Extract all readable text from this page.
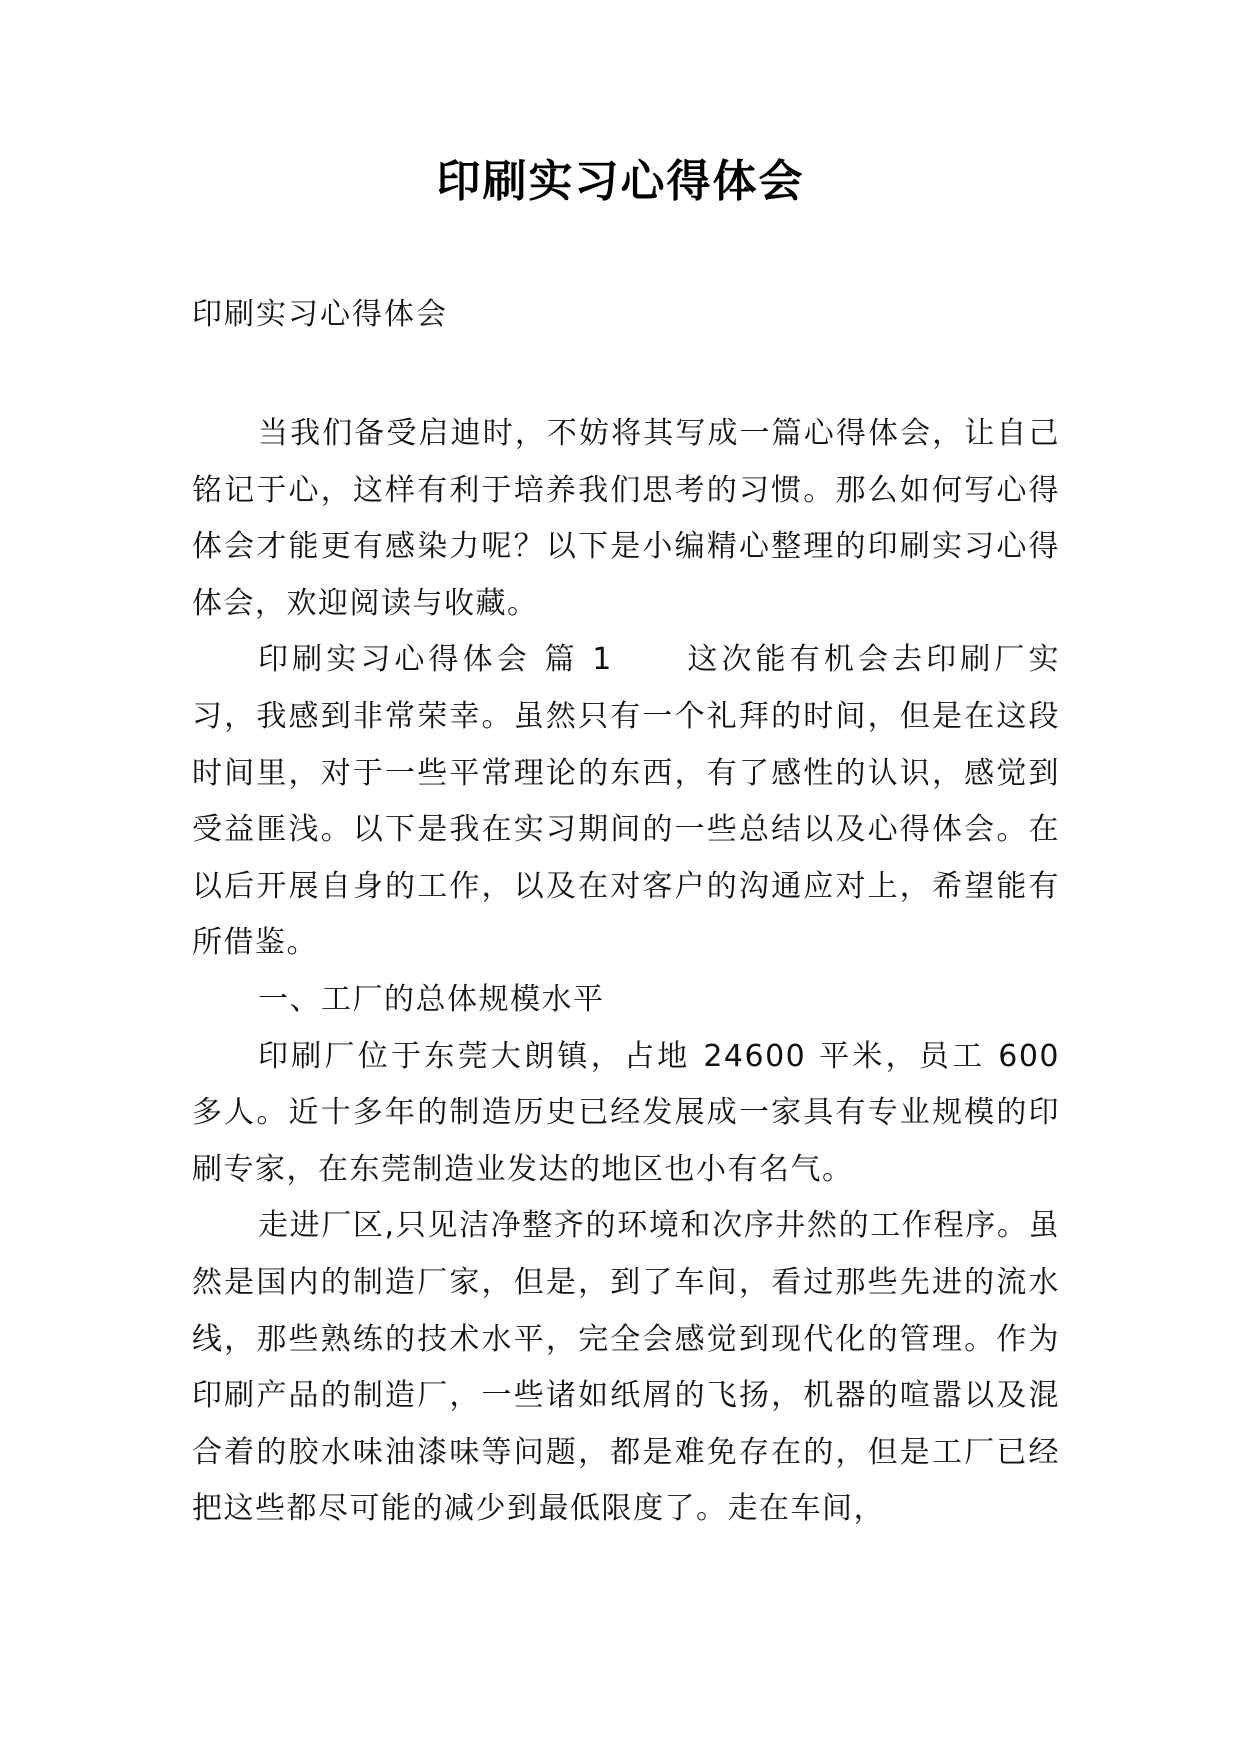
印刷实习心得体会
印刷实习心得体会

当我们备受启迪时，不妨将其写成一篇心得体会，让自己铭记于心，这样有利于培养我们思考的习惯。那么如何写心得体会才能更有感染力呢？以下是小编精心整理的印刷实习心得体会，欢迎阅读与收藏。

印刷实习心得体会 篇 1 这次能有机会去印刷厂实习，我感到非常荣幸。虽然只有一个礼拜的时间，但是在这段时间里，对于一些平常理论的东西，有了感性的认识，感觉到受益匪浅。以下是我在实习期间的一些总结以及心得体会。在以后开展自身的工作，以及在对客户的沟通应对上，希望能有所借鉴。

一、工厂的总体规模水平

印刷厂位于东莞大朗镇，占地 24600 平米，员工 600 多人。近十多年的制造历史已经发展成一家具有专业规模的印刷专家，在东莞制造业发达的地区也小有名气。

走进厂区,只见洁净整齐的环境和次序井然的工作程序。虽然是国内的制造厂家，但是，到了车间，看过那些先进的流水线，那些熟练的技术水平，完全会感觉到现代化的管理。作为印刷产品的制造厂，一些诸如纸屑的飞扬，机器的喧嚣以及混合着的胶水味油漆味等问题，都是难免存在的，但是工厂已经把这些都尽可能的减少到最低限度了。走在车间，
